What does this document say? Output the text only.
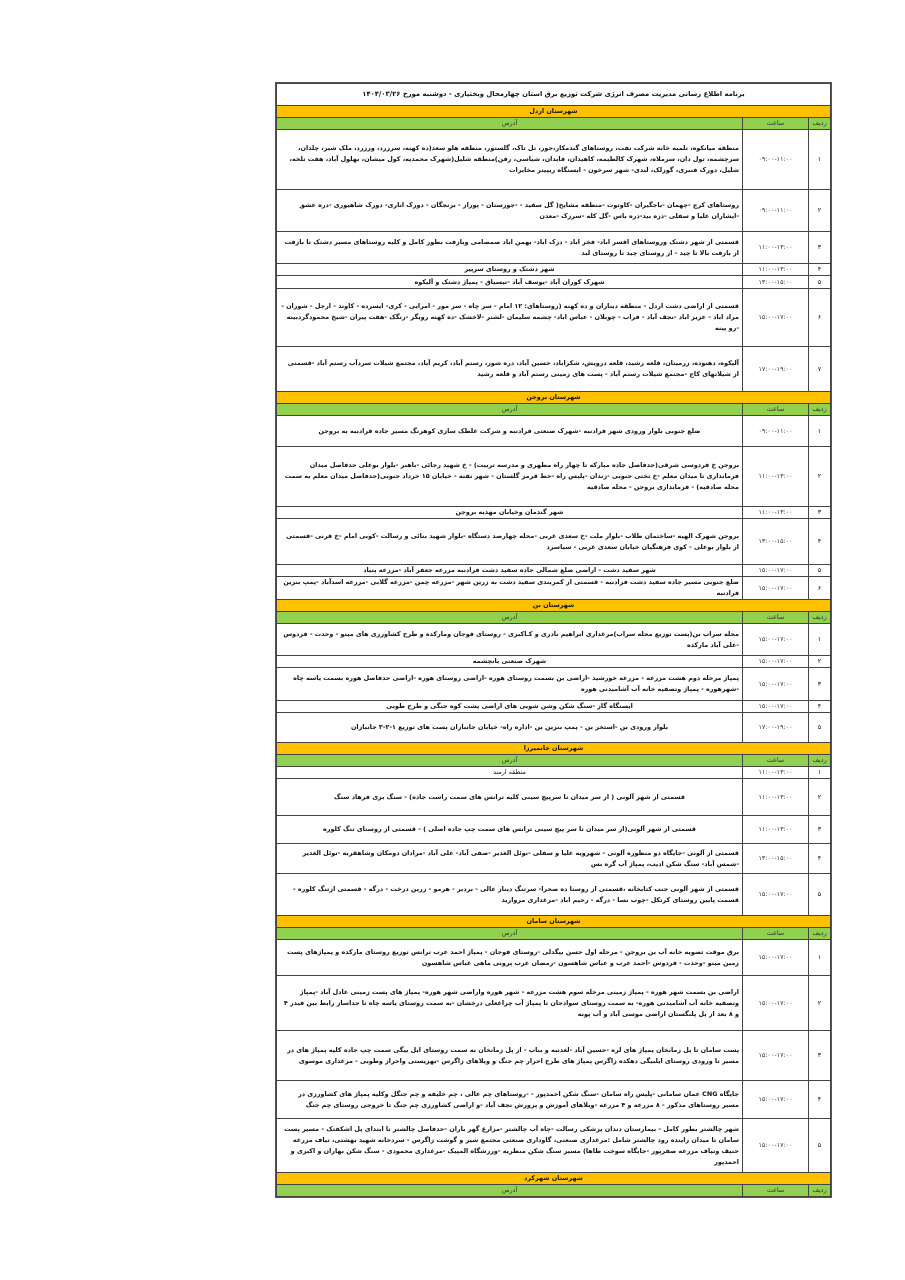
برنامه اطلاع رسانی مدیریت مصرف انرژی شرکت توزیع برق استان چهارمحال وبختیاری - دوشنبه مورخ ۱۴۰۴/۰۳/۲۶		
شهرستان اردل		
ردیف	ساعت	آدرس
۱	۰۹:۰۰-۱۱:۰۰	منطقه میانکوه، تلمبه خانه شرکت نفت، روستاهای گندمکار،حور، تل تاک، گلستور، منطقه هلو سعد(ده کهنه، سرزرد، ورزرد، ملک شیر، چلدان، سرچشمه، تول دان، سرملاه، شهرک کالطیمه، کاهیدان، فابدان، شیاسی، رفن)منطقه شلیل(شهرک محمدیه، کول میشان، بهلول آباد، هفت تلخه، شلیل، دورک فنبری، گوزلک، لندی- شهر سرخون - ایستگاه ریپیتر مخابرات
۲	۰۹:۰۰-۱۱:۰۰	روستاهای کرچ -چهمان -باجگیران -کاوتوت -منطقه مشایخ( گل سفید - -جوزستان - پوراز - برنجگان - دورک اناری- دورک شاهیوری -دره عشق -ایشاران علیا و سفلی -دره بید-دره باس -گل کله -سرزک -معدن
۳	۱۱:۰۰-۱۳:۰۰	قسمتی از شهر دشتک وروستاهای افسر اباد- فخر اباد - دزک اباد- بهمن اباد صمصامی وبازفت بطور کامل و کلیه روستاهای مسیر دشتک تا بازفت از بازفت بالا تا چید - از روستای چید تا روستای لبد
۴	۱۱:۰۰-۱۳:۰۰	شهر دشتک و روستای سرپیر
۵	۱۳:۰۰-۱۵:۰۰	شهرک کوران آباد -یوسف آباد -نیسیاق - پمپاژ دشتک و آلیکوه
۶	۱۵:۰۰-۱۷:۰۰	قسمتی از اراضی دشت اردل - منطقه دیناران و ده کهنه (روستاهای: ۱۲ امام - سر چاه - سر مور - امرایی - کری- ایسرده - کاوند - ارجل - شوران - مراد اباد - عزیز اباد -نجف آباد - فراب - چوبلان - عباس اباد- چشمه سلیمان -لشتر -لاخشک -ده کهنه رویگر -رنگک -هفت پیران -شیخ محمودگردبینه -رو پینه
۷	۱۷:۰۰-۱۹:۰۰	آلیکوه، دهنوده، زرمیتان، قلعه رشید، قلعه درویش، شکراباد، حسین آباد، دره شور، رستم آباد، کریم آباد، مجتمع شیلات سردآب رستم آباد -قسمتی از شیلاتهای کاج -مجتمع شیلات رستم آباد - پست های زمینی رستم آباد و قلعه رشید
شهرستان بروجن		
ردیف	ساعت	آدرس
۱	۰۹:۰۰-۱۱:۰۰	ضلع جنوبی بلوار ورودی شهر فرادنبه -شهرک صنعتی فرادنبه و شرکت غلطک سازی کوهرنگ مسیر جاده فرادنبه به بروجن
۲	۱۱:۰۰-۱۳:۰۰	بروجن خ فردوسی شرقی(حدفاصل جاده مبارکه تا چهار راه مطهری و مدرسه تربیت) - خ شهید رجائی -باهنر -بلوار بوعلی حدفاصل میدان فرمانداری تا میدان معلم -خ تختی جنوبی -زندان -پلیس راه -خط قرمز گلستان - شهر نقنه - خیابان ۱۵ خرداد جنوبی(حدفاصل میدان معلم به سمت محله صادقیه) - فرمانداری بروجن - محله صادقیه
۳	۱۱:۰۰-۱۳:۰۰	شهر گندمان وخیابان مهدیه بروجن
۴	۱۳:۰۰-۱۵:۰۰	بروجن شهرک الهیه -ساختمان طلاب -بلوار ملت -خ سعدی غربی -محله چهارصد دستگاه -بلوار شهید بنائی و رسالت -کوبی امام -خ قرنی -قسمتی از بلوار بوعلی - کوی فرهنگیان خیابان سعدی غربی - سیاسرد
۵	۱۵:۰۰-۱۷:۰۰	شهر سفید دشت - اراضی ضلع شمالی جاده سفید دشت فرادنبه مزرعه جعفر آباد -مزرعه پتیاد
۶	۱۵:۰۰-۱۷:۰۰	ضلع جنوبی مسیر جاده سفید دشت فرادنبه - قسمتی از کمربندی سفید دشت به زرین شهر -مزرعه چمن -مزرعه گلابی -مزرعه اسدآباد -پمپ بنزین فرادنبه
شهرستان بن		
ردیف	ساعت	آدرس
۱	۱۵:۰۰-۱۷:۰۰	محله سراب بن(پست توزیع محله سراب)مرغداری ابراهیم نادری و کـاکبری - روستای فوجان ومارکده و طرح کشاورزی های مینو - وحدت - فردوس -علی آباد مارکده
۲	۱۵:۰۰-۱۷:۰۰	شهرک صنعتی بانچشمه
۳	۱۵:۰۰-۱۷:۰۰	پمپاژ مرحله دوم هشت مزرعه - مزرعه خورشید -اراضی بن بسمت روستای هوره -اراضی روستای هوره -اراضی حدفاصل هوره بسمت یاسه چاه -شهرهوره - پمپاژ وتصفیه خانه آب آشامیدنی هوره
۴	۱۵:۰۰-۱۷:۰۰	ایستگاه گاز -سنگ شکن وشن شویی های اراضی پشت کوه جنگی و طرح طوبی
۵	۱۷:۰۰-۱۹:۰۰	بلوار ورودی بن -استخر بن - پمپ بنزین بن -اداره راه- خیابان جانبازان پست های توزیع ۱-۲-۳ جانبازان
شهرستان خانمیرزا		
ردیف	ساعت	آدرس
۱	۱۱:۰۰-۱۳:۰۰	منطقه ارمند
۲	۱۱:۰۰-۱۳:۰۰	قسمتی از شهر آلونی ( از سر میدان تا سرپیچ سینی کلیه ترانس های سمت راست جاده) - سنگ بری فرهاد سنگ
۳	۱۱:۰۰-۱۳:۰۰	قسمتی از شهر آلونی(از سر میدان تا سر پیچ سینی ترانس های سمت چپ جاده اصلی ) - قسمتی از روستای تنگ کلوره
۴	۱۳:۰۰-۱۵:۰۰	قسمتی از آلونی -جایگاه دو منظوره آلونی - شهرویه علیا و سفلی -نوئل الغدیر -صفی آباد- علی آباد -مرادان دومکان وشاهقربه -نوئل الغدیر -شمس آباد- سنگ شکن ادیب، پمپاژ آب گره بس
۵	۱۵:۰۰-۱۷:۰۰	قسمتی از شهر آلونی جنب کتابخانه ،قسمتی از روستا ده صحرا- سرتنگ دیناز عالی - بردبر - هرمو - زرین درخت - درگه - قسمتی ازتنگ کلوره - قسمت پایین روستای کرتکل -چوب نسا - درگه - رحیم اباد -مرغداری مروارید
شهرستان سامان		
ردیف	ساعت	آدرس
۱	۱۵:۰۰-۱۷:۰۰	برق موقت تصویه خانه آب بن بروجن - مرحله اول حسن بیگدلی -روستای فوجان - پمپاژ احمد عرب ترانس توزیع روستای مارکده و پمپاژهای پست زمین مینو -وحدت - فردوس -احمد عرب و عباس شاهسون -رمضان عرب پرونی ماهی عباس شاهسون
۲	۱۵:۰۰-۱۷:۰۰	اراضی بن بسمت شهر هوره - پمپاژ زمینی مرحله سوم هشت مزرعه - شهر هوره واراضی شهر هوره- پمپاژ های پست زمینی عادل آباد -پمپاژ وتصفیه خانه آب آشامیدنی هوره- به سمت روستای سوادجان تا پمپاژ آب چراغعلی درخشان -به سمت روستای یاسه چاه تا جداساز رابط بین فیدر ۴ و ۸ بعد از پل پلنگستان اراضی موسی آباد و آب پونه
۳	۱۵:۰۰-۱۷:۰۰	پست سامان تا پل زمانخان پمپاژ های لره -حسین آباد -لغدنبه و بناب - از پل زمانخان به سمت روستای ایل بیگی سمت چپ جاده کلیه پمپاژ های در مسیر تا ورودی روستای ایلبیگی دهکده زاگرس پمپاژ های طرح احرار چم جنگ و ویلاهای زاگرس -بهزیستی واحراز وطوبی - مرغداری موسوی
۴	۱۵:۰۰-۱۷:۰۰	جایگاه CNG عمان سامانی -پلیس راه سامان -سنگ شکن احمدپور - -روستاهای چم عالی ، چم خلیفه و چم جنگل وکلیه پمپاژ های کشاورزی در مسیر روستاهای مذکور - ۸ مزرعه و ۴ مزرعه -ویلاهای آموزش و پرورش نجف آباد -و اراضی کشاورزی چم جنگ تا خروجی روستای چم جنگ
۵	۱۵:۰۰-۱۷:۰۰	شهر چالشتر بطور کامل - بیمارستان دندان پزشکی رسالت -چاه آب چالشتر -مزارع گهر باران -حدفاصل چالشتر تا ابتدای پل اشکفتک - مسیر پست سامان تا میدان زاینده رود چالشتر شامل :مرغداری صنعتی، گاوداری صنعتی مجتمع شیر و گوشت زاگرس - سردخانه شهید بهشتی، تیاف مزرعه حنیف وتیاف مزرعه صفرپور -جایگاه سوخت طاها) مسیر سنگ شکن منظریه -ورزشگاه المپیک -مرغداری محمودی - سنگ شکن بهاران و اکبری و احمدپور
شهرستان شهرکرد		
ردیف	ساعت	آدرس
